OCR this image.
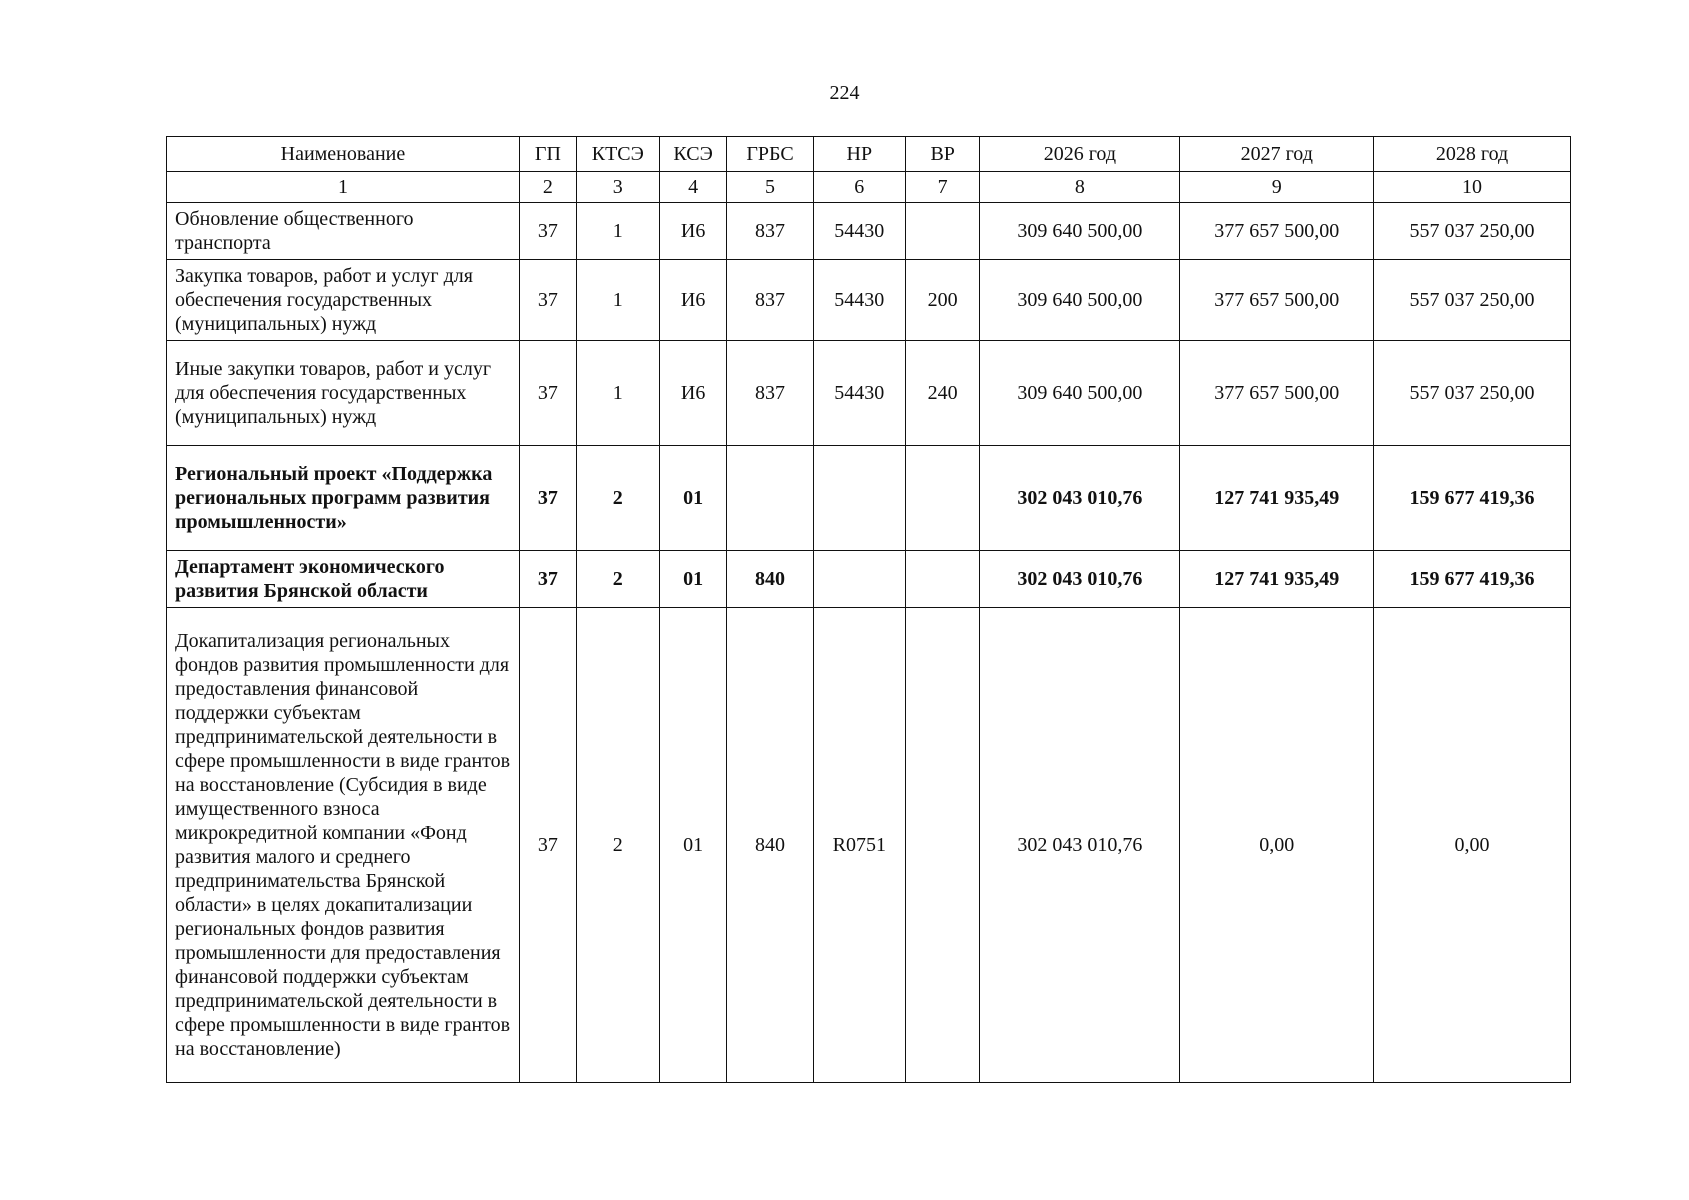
224
Наименование	ГП	КТСЭ	КСЭ	ГРБС	НР	ВР	2026 год	2027 год	2028 год
1	2	3	4	5	6	7	8	9	10
Обновление общественного транспорта	37	1	И6	837	54430		309 640 500,00	377 657 500,00	557 037 250,00
Закупка товаров, работ и услуг для обеспечения государственных (муниципальных) нужд	37	1	И6	837	54430	200	309 640 500,00	377 657 500,00	557 037 250,00
Иные закупки товаров, работ и услуг для обеспечения государственных (муниципальных) нужд	37	1	И6	837	54430	240	309 640 500,00	377 657 500,00	557 037 250,00
Региональный проект «Поддержка региональных программ развития промышленности»	37	2	01				302 043 010,76	127 741 935,49	159 677 419,36
Департамент экономического развития Брянской области	37	2	01	840			302 043 010,76	127 741 935,49	159 677 419,36
Докапитализация региональных фондов развития промышленности для предоставления финансовой поддержки субъектам предпринимательской деятельности в сфере промышленности в виде грантов на восстановление (Субсидия в виде имущественного взноса микрокредитной компании «Фонд развития малого и среднего предпринимательства Брянской области» в целях докапитализации региональных фондов развития промышленности для предоставления финансовой поддержки субъектам предпринимательской деятельности в сфере промышленности в виде грантов на восстановление)	37	2	01	840	R0751		302 043 010,76	0,00	0,00
